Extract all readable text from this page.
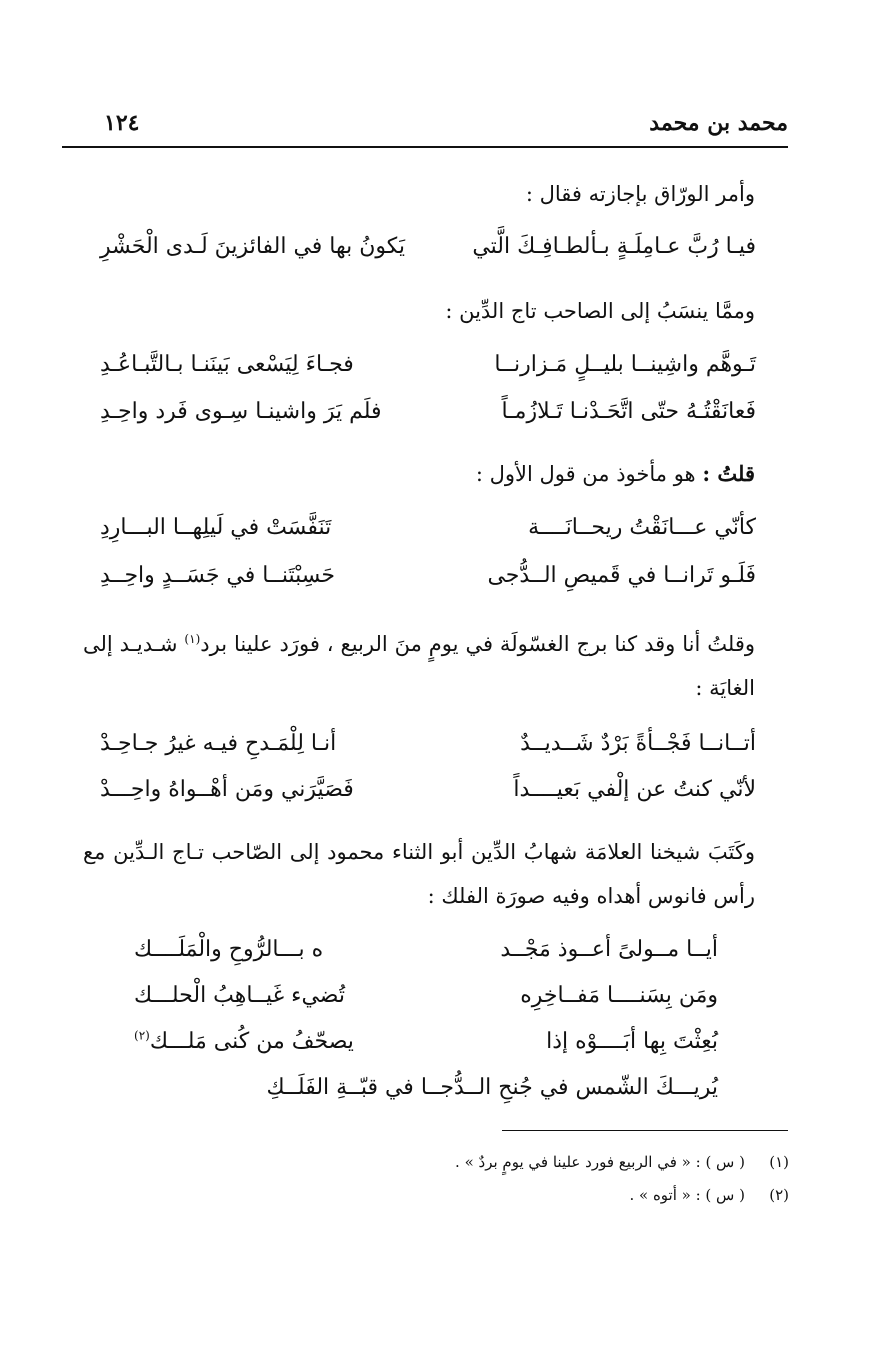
محمد بن محمد
١٢٤
وأمر الورّاق بإجازته فقال :
فيـا رُبَّ عـامِلَـةٍ بـألطـافِـكَ الَّتي
يَكونُ بها في الفائزينَ لَـدى الْحَشْرِ
وممَّا ينسَبُ إلى الصاحب تاج الدِّين :
تَـوهَّم واشِينــا بليــلٍ مَـزارنــا
فجـاءَ لِيَسْعى بَينَنـا بـالتَّبـاعُـدِ
فَعانَقْتُـهُ حتّى اتَّحَـدْنـا تَـلازُمـاً
فلَم يَرَ واشينـا سِـوى فَرد واحِـدِ
قلتُ : هو مأخوذ من قول الأول :
كأنّي عـــانَقْتُ ريحــانَــــة
تَنَفَّسَتْ في لَيلِهــا البـــارِدِ
فَلَـو تَرانــا في قَميصِ الــدُّجى
حَسِبْتَنــا في جَسَــدٍ واحِــدِ
وقلتُ أنا وقد كنا برج الغسّولَة في يومٍ منَ الربيع ، فورَد علينا برد$^{(١)}$ شـديـد إلى الغايَة :
أتــانــا فَجْــأةً بَرْدٌ شَــديــدٌ
أنـا لِلْمَـدحِ فيـه غيرُ جـاحِـدْ
لأنّي كنتُ عن إلْفي بَعيــــداً
فَصَيَّرَني ومَن أهْــواهُ واحِـــدْ
وكَتَبَ شيخنا العلامَة شهابُ الدِّين أبو الثناء محمود إلى الصّاحب تـاج الـدِّين مع رأس فانوس أهداه وفيه صورَة الفلك :
أيــا مــولىً أعــوذ مَجْــد
ه بـــالرُّوحِ والْمَلَــــك
ومَن بِسَنــــا مَفــاخِرِه
تُضيء غَيــاهِبُ الْحلـــك
بُعِثْتَ بِها أبَــــوْه إذا
يصحّفُ من كُنى مَلـــك$^{(٢)}$
يُريـــكَ الشّمس في جُنحِ الــدُّجــا في قبّــةِ الفَلَــكِ
(١)( س ) : « في الربيع فورد علينا في يومٍ بردٌ » .
(٢)( س ) : « أتوه » .
